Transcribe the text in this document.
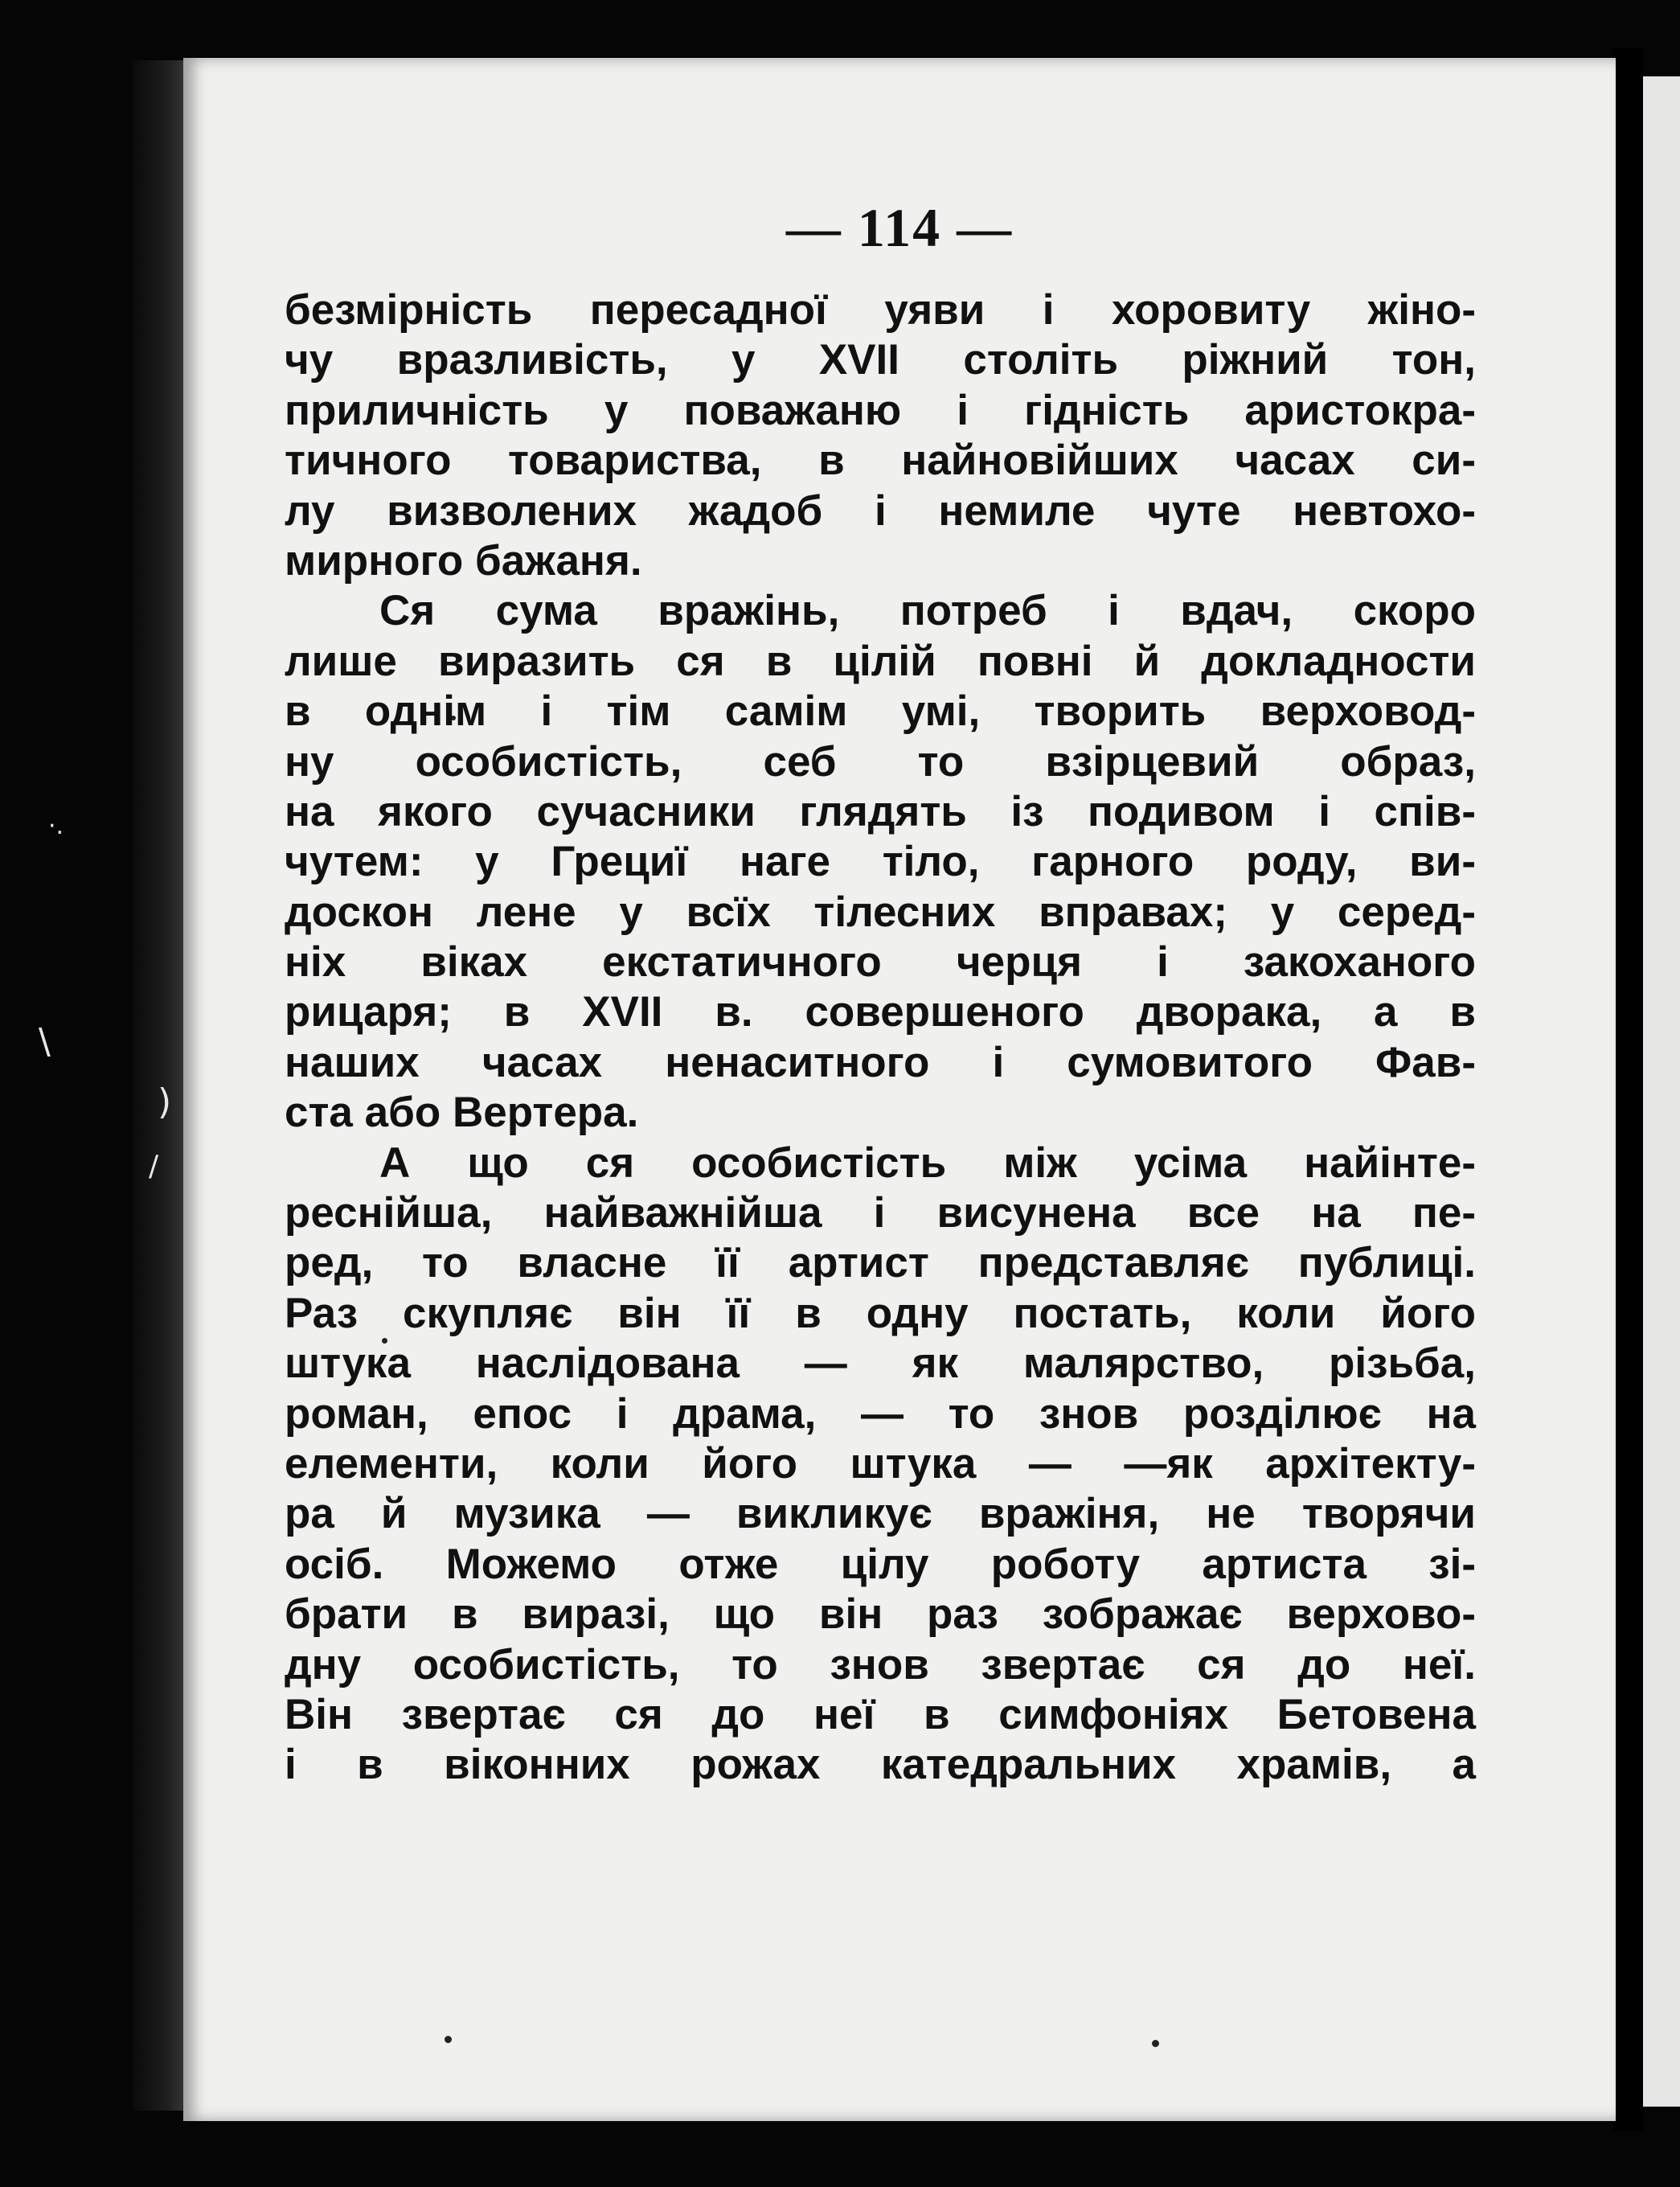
\
)
/
·.
— 114 —
безмірність пересадної уяви і хоровиту жіно-
чу вразливість, у XVII століть ріжний тон,
приличність у поважаню і гідність аристокра-
тичного товариства, в найновійших часах си-
лу визволених жадоб і немиле чуте невтохо-
мирного бажаня.
Ся сума вражінь, потреб і вдач, скоро
лише виразить ся в цілій повні й докладности
в однім і тім самім умі, творить верховод-
ну особистість, себ то взірцевий образ,
на якого сучасники глядять із подивом і спів-
чутем: у Грециї наге тіло, гарного роду, ви-
доскон лене у всїх тілесних вправах; у серед-
ніх віках екстатичного черця і закоханого
рицаря; в XVII в. совершеного дворака, а в
наших часах ненаситного і сумовитого Фав-
ста або Вертера.
А що ся особистість між усіма найінте-
реснійша, найважнійша і висунена все на пе-
ред, то власне її артист представляє публиці.
Раз скупляє він її в одну постать, коли його
штука наслідована — як малярство, різьба,
роман, епос і драма, — то знов розділює на
елементи, коли його штука — —як архітекту-
ра й музика — викликує вражіня, не творячи
осіб. Можемо отже цілу роботу артиста зі-
брати в виразі, що він раз зображає верхово-
дну особистість, то знов звертає ся до неї.
Він звертає ся до неї в симфоніях Бетовена
і в віконних рожах катедральних храмів, а
